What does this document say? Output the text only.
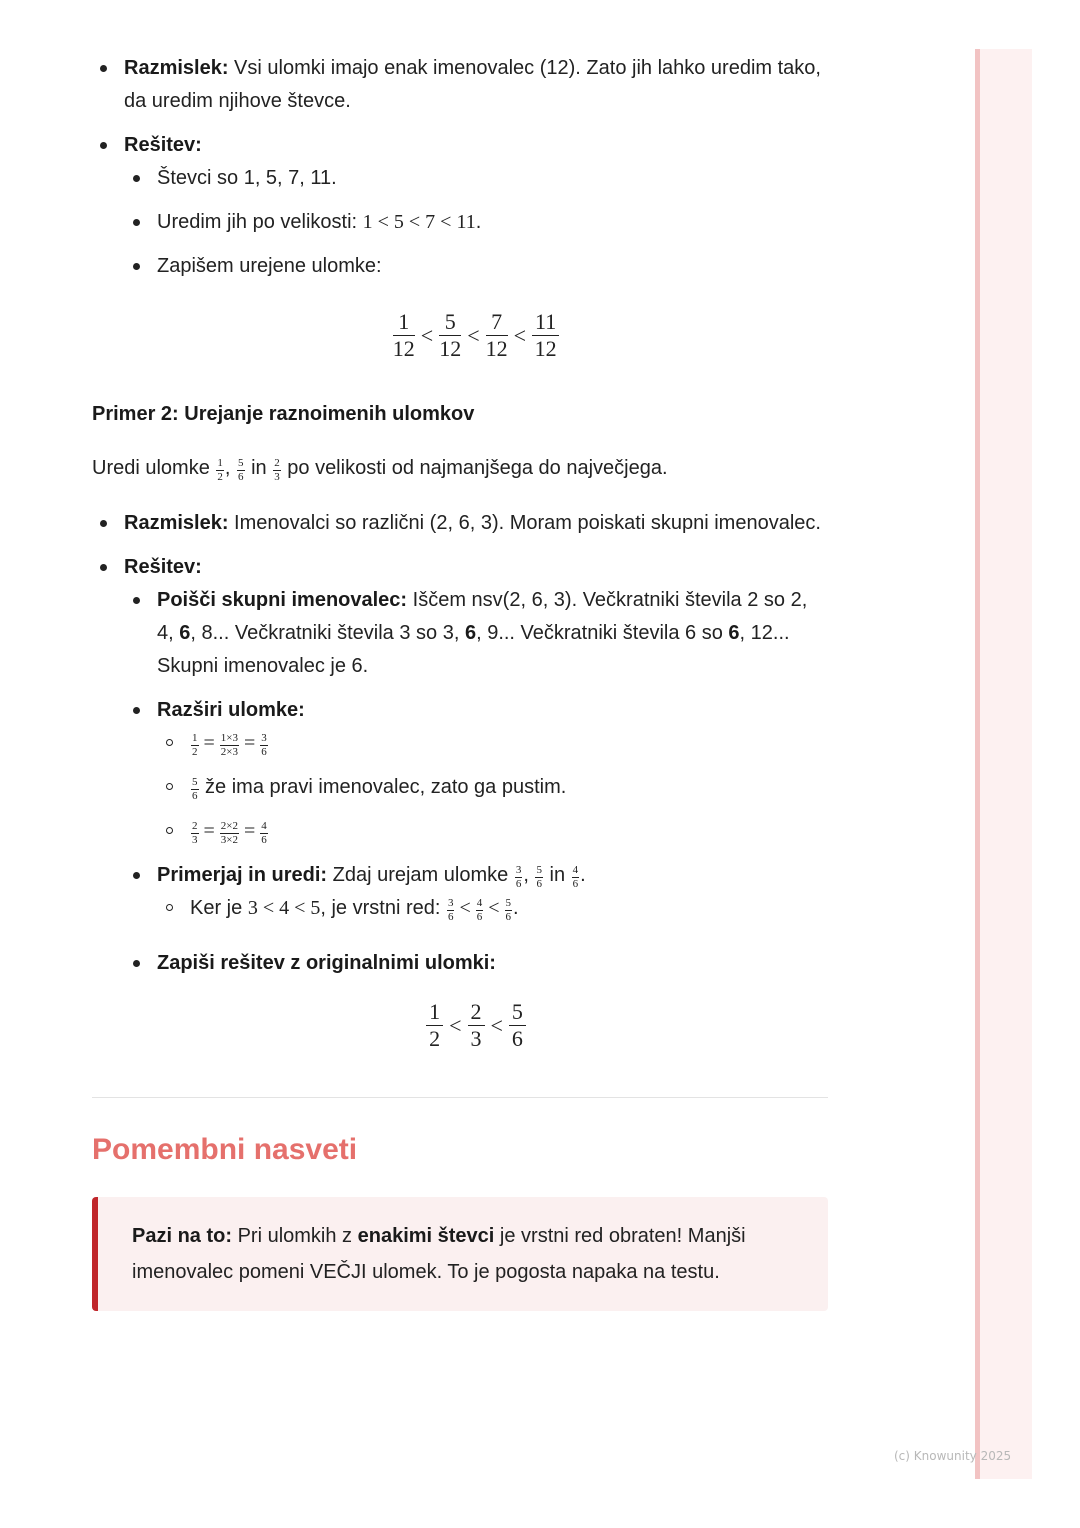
Razmislek: Vsi ulomki imajo enak imenovalec (12). Zato jih lahko uredim tako, da uredim njihove števce.
Rešitev:
Števci so 1, 5, 7, 11.
Uredim jih po velikosti: 1 < 5 < 7 < 11.
Zapišem urejene ulomke:
$\frac{1}{12} < \frac{5}{12} < \frac{7}{12} < \frac{11}{12}$
Primer 2: Urejanje raznoimenih ulomkov

Uredi ulomke $\frac{1}{2}$ , $\frac{5}{6}$ in $\frac{2}{3}$ po velikosti od najmanjšega do največjega.

Razmislek: Imenovalci so različni (2, 6, 3). Moram poiskati skupni imenovalec.
Rešitev:
Poišči skupni imenovalec: Iščem nsv(2, 6, 3). Večkratniki števila 2 so 2, 4, 6, 8... Večkratniki števila 3 so 3, 6, 9... Večkratniki števila 6 so 6, 12... Skupni imenovalec je 6.
Razširi ulomke:
$\frac{1}{2} = \frac{1\times 3}{2\times 3} = \frac{3}{6}$
$\frac{5}{6}$ že ima pravi imenovalec, zato ga pustim.
$\frac{2}{3} = \frac{2\times 2}{3\times 2} = \frac{4}{6}$
Primerjaj in uredi: Zdaj urejam ulomke $\frac{3}{6}$ , $\frac{5}{6}$ in $\frac{4}{6}$ .
Ker je 3 < 4 < 5, je vrstni red: $\frac{3}{6} < \frac{4}{6} < \frac{5}{6}$ .
Zapiši rešitev z originalnimi ulomki:
$\frac{1}{2} < \frac{2}{3} < \frac{5}{6}$
Pomembni nasveti
Pazi na to: Pri ulomkih z enakimi števci je vrstni red obraten! Manjši imenovalec pomeni VEČJI ulomek. To je pogosta napaka na testu.
(c) Knowunity 2025
